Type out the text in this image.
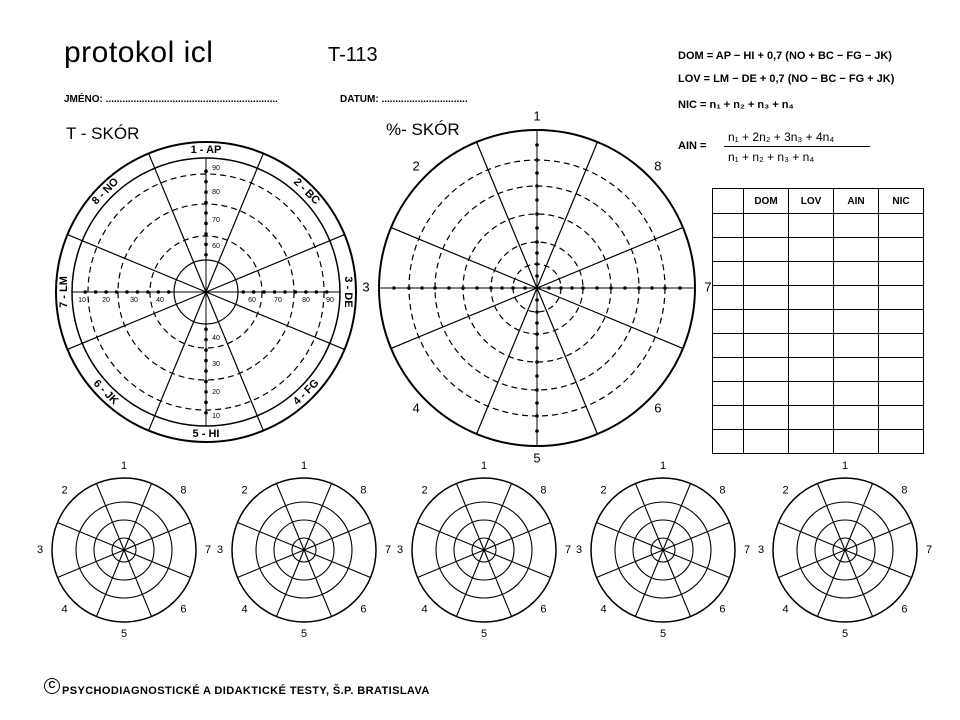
protokol icl	T-113
JMÉNO: ..............................................................	DATUM: ...............................
DOM = AP − HI + 0,7 (NO + BC − FG − JK)
LOV = LM − DE + 0,7 (NO − BC − FG + JK)
NIC = n₁ + n₂ + n₃ + n₄
AIN =
n₁ + 2n₂ + 3n₃ + 4n₄
n₁ + n₂ + n₃ + n₄
T - SKÓR	%- SKÓR
	DOM	LOV	AIN	NIC

C PSYCHODIAGNOSTICKÉ A DIDAKTICKÉ TESTY, Š.P. BRATISLAVA
90
80
70
60
40
30
20
10
10 20	30	40	60	70	80 90
1 - AP
2 - BC
3 - DE
4 - FG
5 - HI
6 - JK
7 - LM
8 - NO
1
2
3
4
5
6
7
8
1
2
3
4
5
6
7
8
1
2
3
4
5
6
7
8
1
2
3
4
5
6
7
8
1
2
3
4
5
6
7
8
1
2
3
4
5
6
7
8
